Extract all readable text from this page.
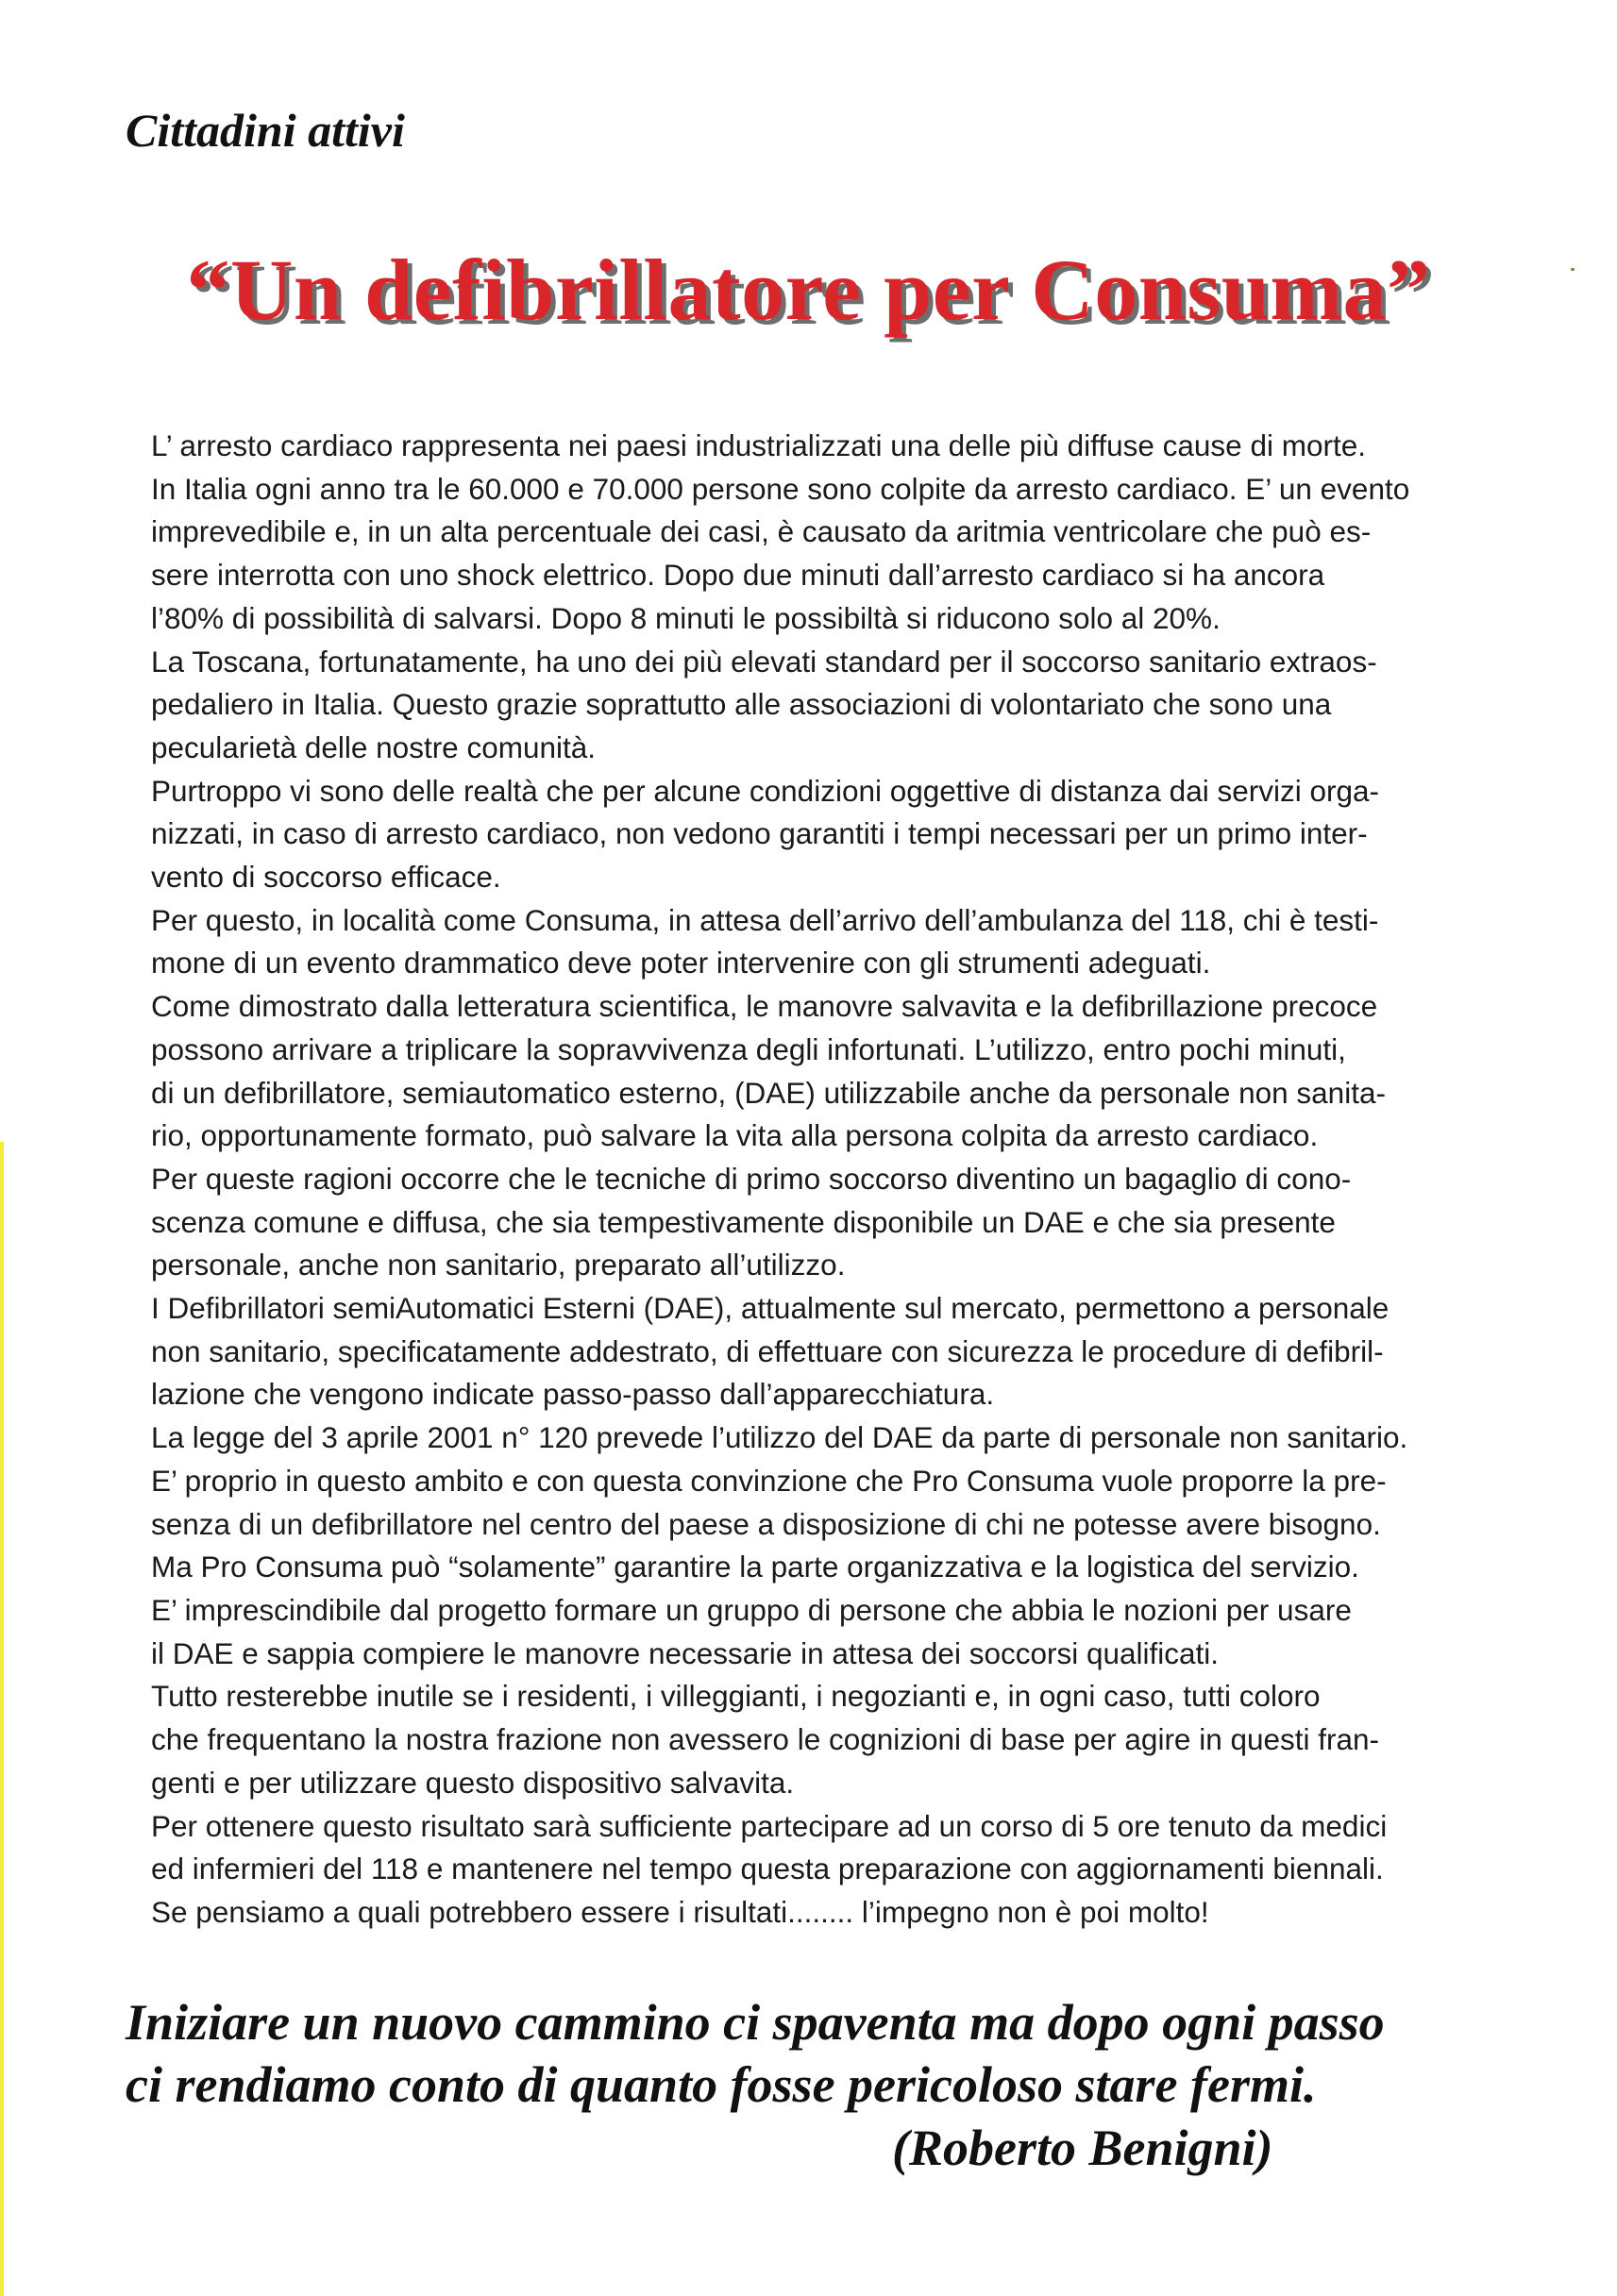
Cittadini attivi
“Un defibrillatore per Consuma”

L’ arresto cardiaco rappresenta nei paesi industrializzati una delle più diffuse cause di morte.
In Italia ogni anno tra le 60.000 e 70.000 persone sono colpite da arresto cardiaco. E’ un evento
imprevedibile e, in un alta percentuale dei casi, è causato da aritmia ventricolare che può es-
sere interrotta con uno shock elettrico. Dopo due minuti dall’arresto cardiaco si ha ancora
l’80% di possibilità di salvarsi. Dopo 8 minuti le possibiltà si riducono solo al 20%.

La Toscana, fortunatamente, ha uno dei più elevati standard per il soccorso sanitario extraos-
pedaliero in Italia. Questo grazie soprattutto alle associazioni di volontariato che sono una
pecularietà delle nostre comunità.

Purtroppo vi sono delle realtà che per alcune condizioni oggettive di distanza dai servizi orga-
nizzati, in caso di arresto cardiaco, non vedono garantiti i tempi necessari per un primo inter-
vento di soccorso efficace.

Per questo, in località come Consuma, in attesa dell’arrivo dell’ambulanza del 118, chi è testi-
mone di un evento drammatico deve poter intervenire con gli strumenti adeguati.

Come dimostrato dalla letteratura scientifica, le manovre salvavita e la defibrillazione precoce
possono arrivare a triplicare la sopravvivenza degli infortunati. L’utilizzo, entro pochi minuti,
di un defibrillatore, semiautomatico esterno, (DAE) utilizzabile anche da personale non sanita-
rio, opportunamente formato, può salvare la vita alla persona colpita da arresto cardiaco.

Per queste ragioni occorre che le tecniche di primo soccorso diventino un bagaglio di cono-
scenza comune e diffusa, che sia tempestivamente disponibile un DAE e che sia presente
personale, anche non sanitario, preparato all’utilizzo.

I Defibrillatori semiAutomatici Esterni (DAE), attualmente sul mercato, permettono a personale
non sanitario, specificatamente addestrato, di effettuare con sicurezza le procedure di defibril-
lazione che vengono indicate passo-passo dall’apparecchiatura.

La legge del 3 aprile 2001 n° 120 prevede l’utilizzo del DAE da parte di personale non sanitario.

E’ proprio in questo ambito e con questa convinzione che Pro Consuma vuole proporre la pre-
senza di un defibrillatore nel centro del paese a disposizione di chi ne potesse avere bisogno.

Ma Pro Consuma può “solamente” garantire la parte organizzativa e la logistica del servizio.

E’ imprescindibile dal progetto formare un gruppo di persone che abbia le nozioni per usare
il DAE e sappia compiere le manovre necessarie in attesa dei soccorsi qualificati.

Tutto resterebbe inutile se i residenti, i villeggianti, i negozianti e, in ogni caso, tutti coloro
che frequentano la nostra frazione non avessero le cognizioni di base per agire in questi fran-
genti e per utilizzare questo dispositivo salvavita.

Per ottenere questo risultato sarà sufficiente partecipare ad un corso di 5 ore tenuto da medici
ed infermieri del 118 e mantenere nel tempo questa preparazione con aggiornamenti biennali.

Se pensiamo a quali potrebbero essere i risultati........ l’impegno non è poi molto!

Iniziare un nuovo cammino ci spaventa ma dopo ogni passo
ci rendiamo conto di quanto fosse pericoloso stare fermi.
(Roberto Benigni)
